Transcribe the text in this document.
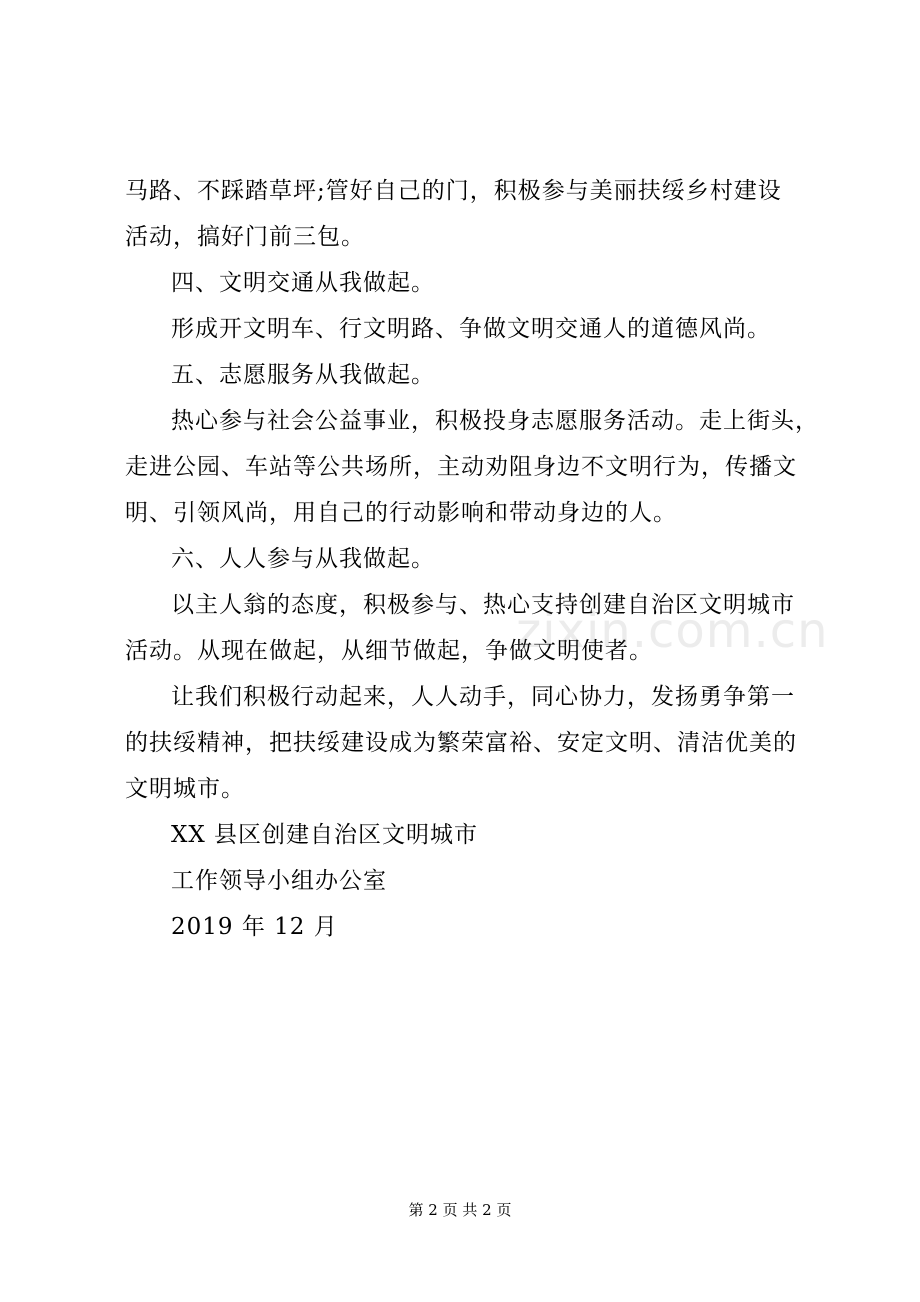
马路、不踩踏草坪;管好自己的门，积极参与美丽扶绥乡村建设
活动，搞好门前三包。
四、文明交通从我做起。
形成开文明车、行文明路、争做文明交通人的道德风尚。
五、志愿服务从我做起。
热心参与社会公益事业，积极投身志愿服务活动。走上街头，
走进公园、车站等公共场所，主动劝阻身边不文明行为，传播文
明、引领风尚，用自己的行动影响和带动身边的人。
六、人人参与从我做起。
以主人翁的态度，积极参与、热心支持创建自治区文明城市
活动。从现在做起，从细节做起，争做文明使者。
让我们积极行动起来，人人动手，同心协力，发扬勇争第一
的扶绥精神，把扶绥建设成为繁荣富裕、安定文明、清洁优美的
文明城市。
XX 县区创建自治区文明城市
工作领导小组办公室
2019 年 12 月
zixin.com.cn
第 2 页 共 2 页
